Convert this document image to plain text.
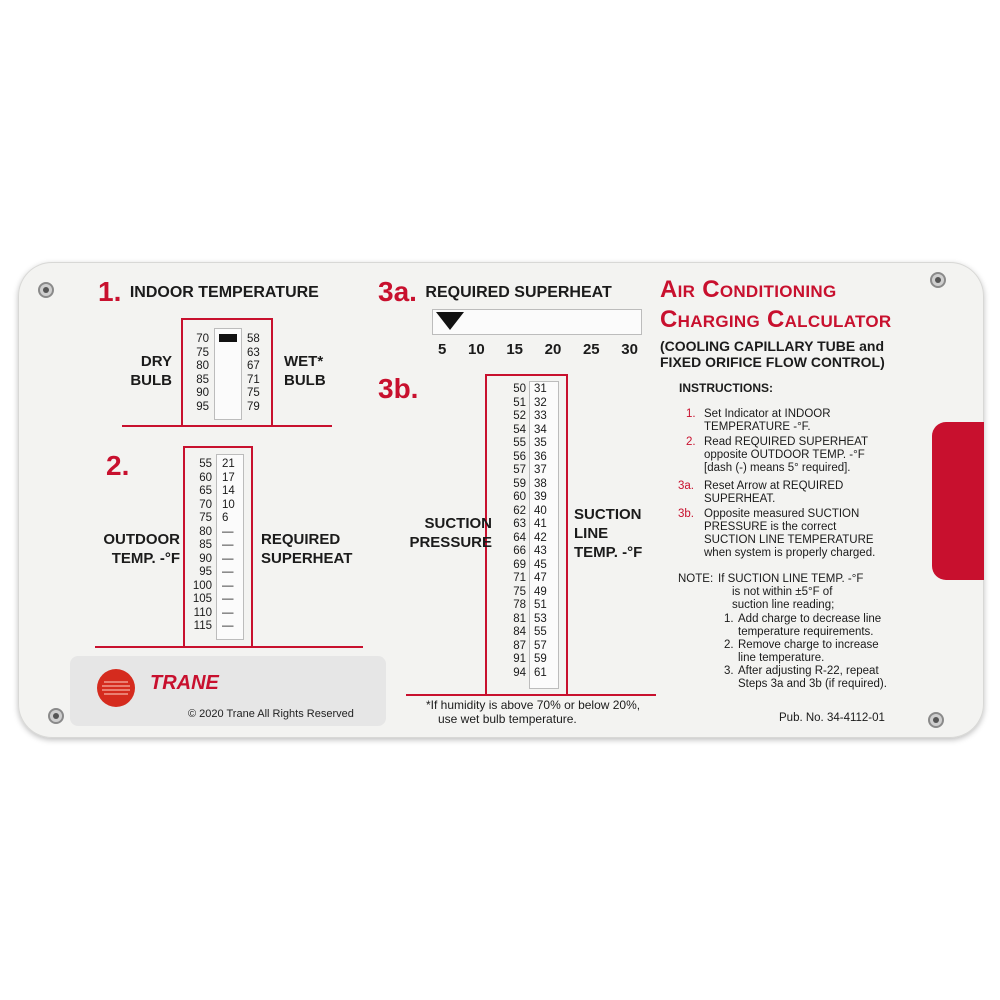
1. INDOOR TEMPERATURE
DRY
BULB
70
75
80
85
90
95
58
63
67
71
75
79
WET*
BULB
2.
OUTDOOR
TEMP. -°F
55
60
65
70
75
80
85
90
95
100
105
110
115
21
17
14
10
6
—
—
—
—
—
—
—
—
REQUIRED
SUPERHEAT
TRANE
© 2020 Trane All Rights Reserved
3a. REQUIRED SUPERHEAT
5 10 15 20 25 30
3b.
SUCTION
PRESSURE
50
51
52
54
55
56
57
59
60
62
63
64
66
69
71
75
78
81
84
87
91
94
31
32
33
34
35
36
37
38
39
40
41
42
43
45
47
49
51
53
55
57
59
61
SUCTION
LINE
TEMP. -°F
*If humidity is above 70% or below 20%,
use wet bulb temperature.
Air Conditioning
Charging Calculator
(COOLING CAPILLARY TUBE and
FIXED ORIFICE FLOW CONTROL)
INSTRUCTIONS:
1. Set Indicator at INDOOR
TEMPERATURE -°F.
2. Read REQUIRED SUPERHEAT
opposite OUTDOOR TEMP. -°F
[dash (-) means 5° required].
3a. Reset Arrow at REQUIRED
SUPERHEAT.
3b. Opposite measured SUCTION
PRESSURE is the correct
SUCTION LINE TEMPERATURE
when system is properly charged.
NOTE: If SUCTION LINE TEMP. -°F
is not within ±5°F of
suction line reading;
1. Add charge to decrease line
temperature requirements.
2. Remove charge to increase
line temperature.
3. After adjusting R-22, repeat
Steps 3a and 3b (if required).
Pub. No. 34-4112-01
